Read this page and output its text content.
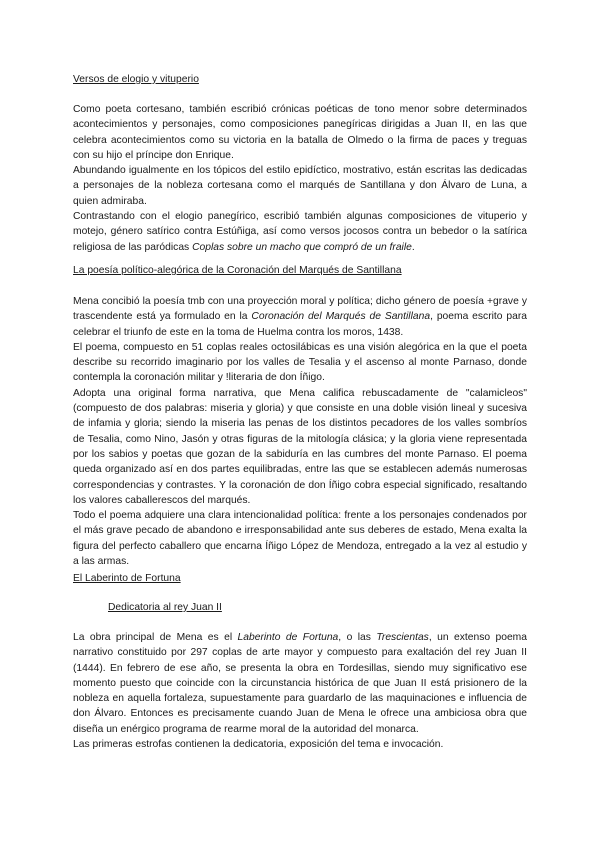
Versos de elogio y vituperio

Como poeta cortesano, también escribió crónicas poéticas de tono menor sobre determinados acontecimientos y personajes, como composiciones panegíricas dirigidas a Juan II, en las que celebra acontecimientos como su victoria en la batalla de Olmedo o la firma de paces y treguas con su hijo el príncipe don Enrique.

Abundando igualmente en los tópicos del estilo epidíctico, mostrativo, están escritas las dedicadas a personajes de la nobleza cortesana como el marqués de Santillana y don Álvaro de Luna, a quien admiraba.

Contrastando con el elogio panegírico, escribió también algunas composiciones de vituperio y motejo, género satírico contra Estúñiga, así como versos jocosos contra un bebedor o la satírica religiosa de las paródicas Coplas sobre un macho que compró de un fraile.

La poesía político-alegórica de la Coronación del Marqués de Santillana

Mena concibió la poesía tmb con una proyección moral y política; dicho género de poesía +grave y trascendente está ya formulado en la Coronación del Marqués de Santillana, poema escrito para celebrar el triunfo de este en la toma de Huelma contra los moros, 1438.

El poema, compuesto en 51 coplas reales octosilábicas es una visión alegórica en la que el poeta describe su recorrido imaginario por los valles de Tesalia y el ascenso al monte Parnaso, donde contempla la coronación militar y !literaria de don Íñigo.

Adopta una original forma narrativa, que Mena califica rebuscadamente de "calamicleos" (compuesto de dos palabras: miseria y gloria) y que consiste en una doble visión lineal y sucesiva de infamia y gloria; siendo la miseria las penas de los distintos pecadores de los valles sombríos de Tesalia, como Nino, Jasón y otras figuras de la mitología clásica; y la gloria viene representada por los sabios y poetas que gozan de la sabiduría en las cumbres del monte Parnaso. El poema queda organizado así en dos partes equilibradas, entre las que se establecen además numerosas correspondencias y contrastes. Y la coronación de don Íñigo cobra especial significado, resaltando los valores caballerescos del marqués.

Todo el poema adquiere una clara intencionalidad política: frente a los personajes condenados por el más grave pecado de abandono e irresponsabilidad ante sus deberes de estado, Mena exalta la figura del perfecto caballero que encarna Íñigo López de Mendoza, entregado a la vez al estudio y a las armas.

El Laberinto de Fortuna
Dedicatoria al rey Juan II

La obra principal de Mena es el Laberinto de Fortuna, o las Trescientas, un extenso poema narrativo constituido por 297 coplas de arte mayor y compuesto para exaltación del rey Juan II (1444). En febrero de ese año, se presenta la obra en Tordesillas, siendo muy significativo ese momento puesto que coincide con la circunstancia histórica de que Juan II está prisionero de la nobleza en aquella fortaleza, supuestamente para guardarlo de las maquinaciones e influencia de don Álvaro. Entonces es precisamente cuando Juan de Mena le ofrece una ambiciosa obra que diseña un enérgico programa de rearme moral de la autoridad del monarca.

Las primeras estrofas contienen la dedicatoria, exposición del tema e invocación.
